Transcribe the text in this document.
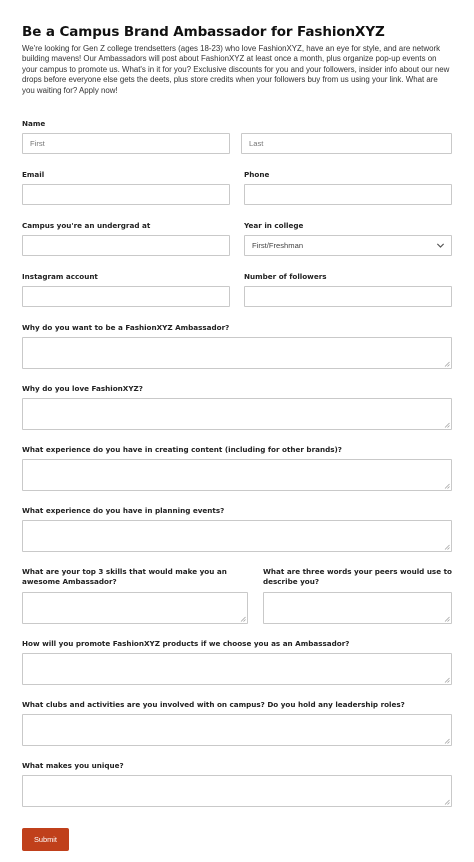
Be a Campus Brand Ambassador for FashionXYZ

We're looking for Gen Z college trendsetters (ages 18-23) who love FashionXYZ, have an eye for style, and are network building mavens! Our Ambassadors will post about FashionXYZ at least once a month, plus organize pop-up events on your campus to promote us. What's in it for you? Exclusive discounts for you and your followers, insider info about our new drops before everyone else gets the deets, plus store credits when your followers buy from us using your link. What are you waiting for? Apply now!

Name
First
Last
Email	Phone
Campus you're an undergrad at	Year in college
First/Freshman
Instagram account	Number of followers
Why do you want to be a FashionXYZ Ambassador?
Why do you love FashionXYZ?
What experience do you have in creating content (including for other brands)?
What experience do you have in planning events?
What are your top 3 skills that would make you an awesome Ambassador?
What are three words your peers would use to describe you?
How will you promote FashionXYZ products if we choose you as an Ambassador?
What clubs and activities are you involved with on campus? Do you hold any leadership roles?
What makes you unique?
Submit
